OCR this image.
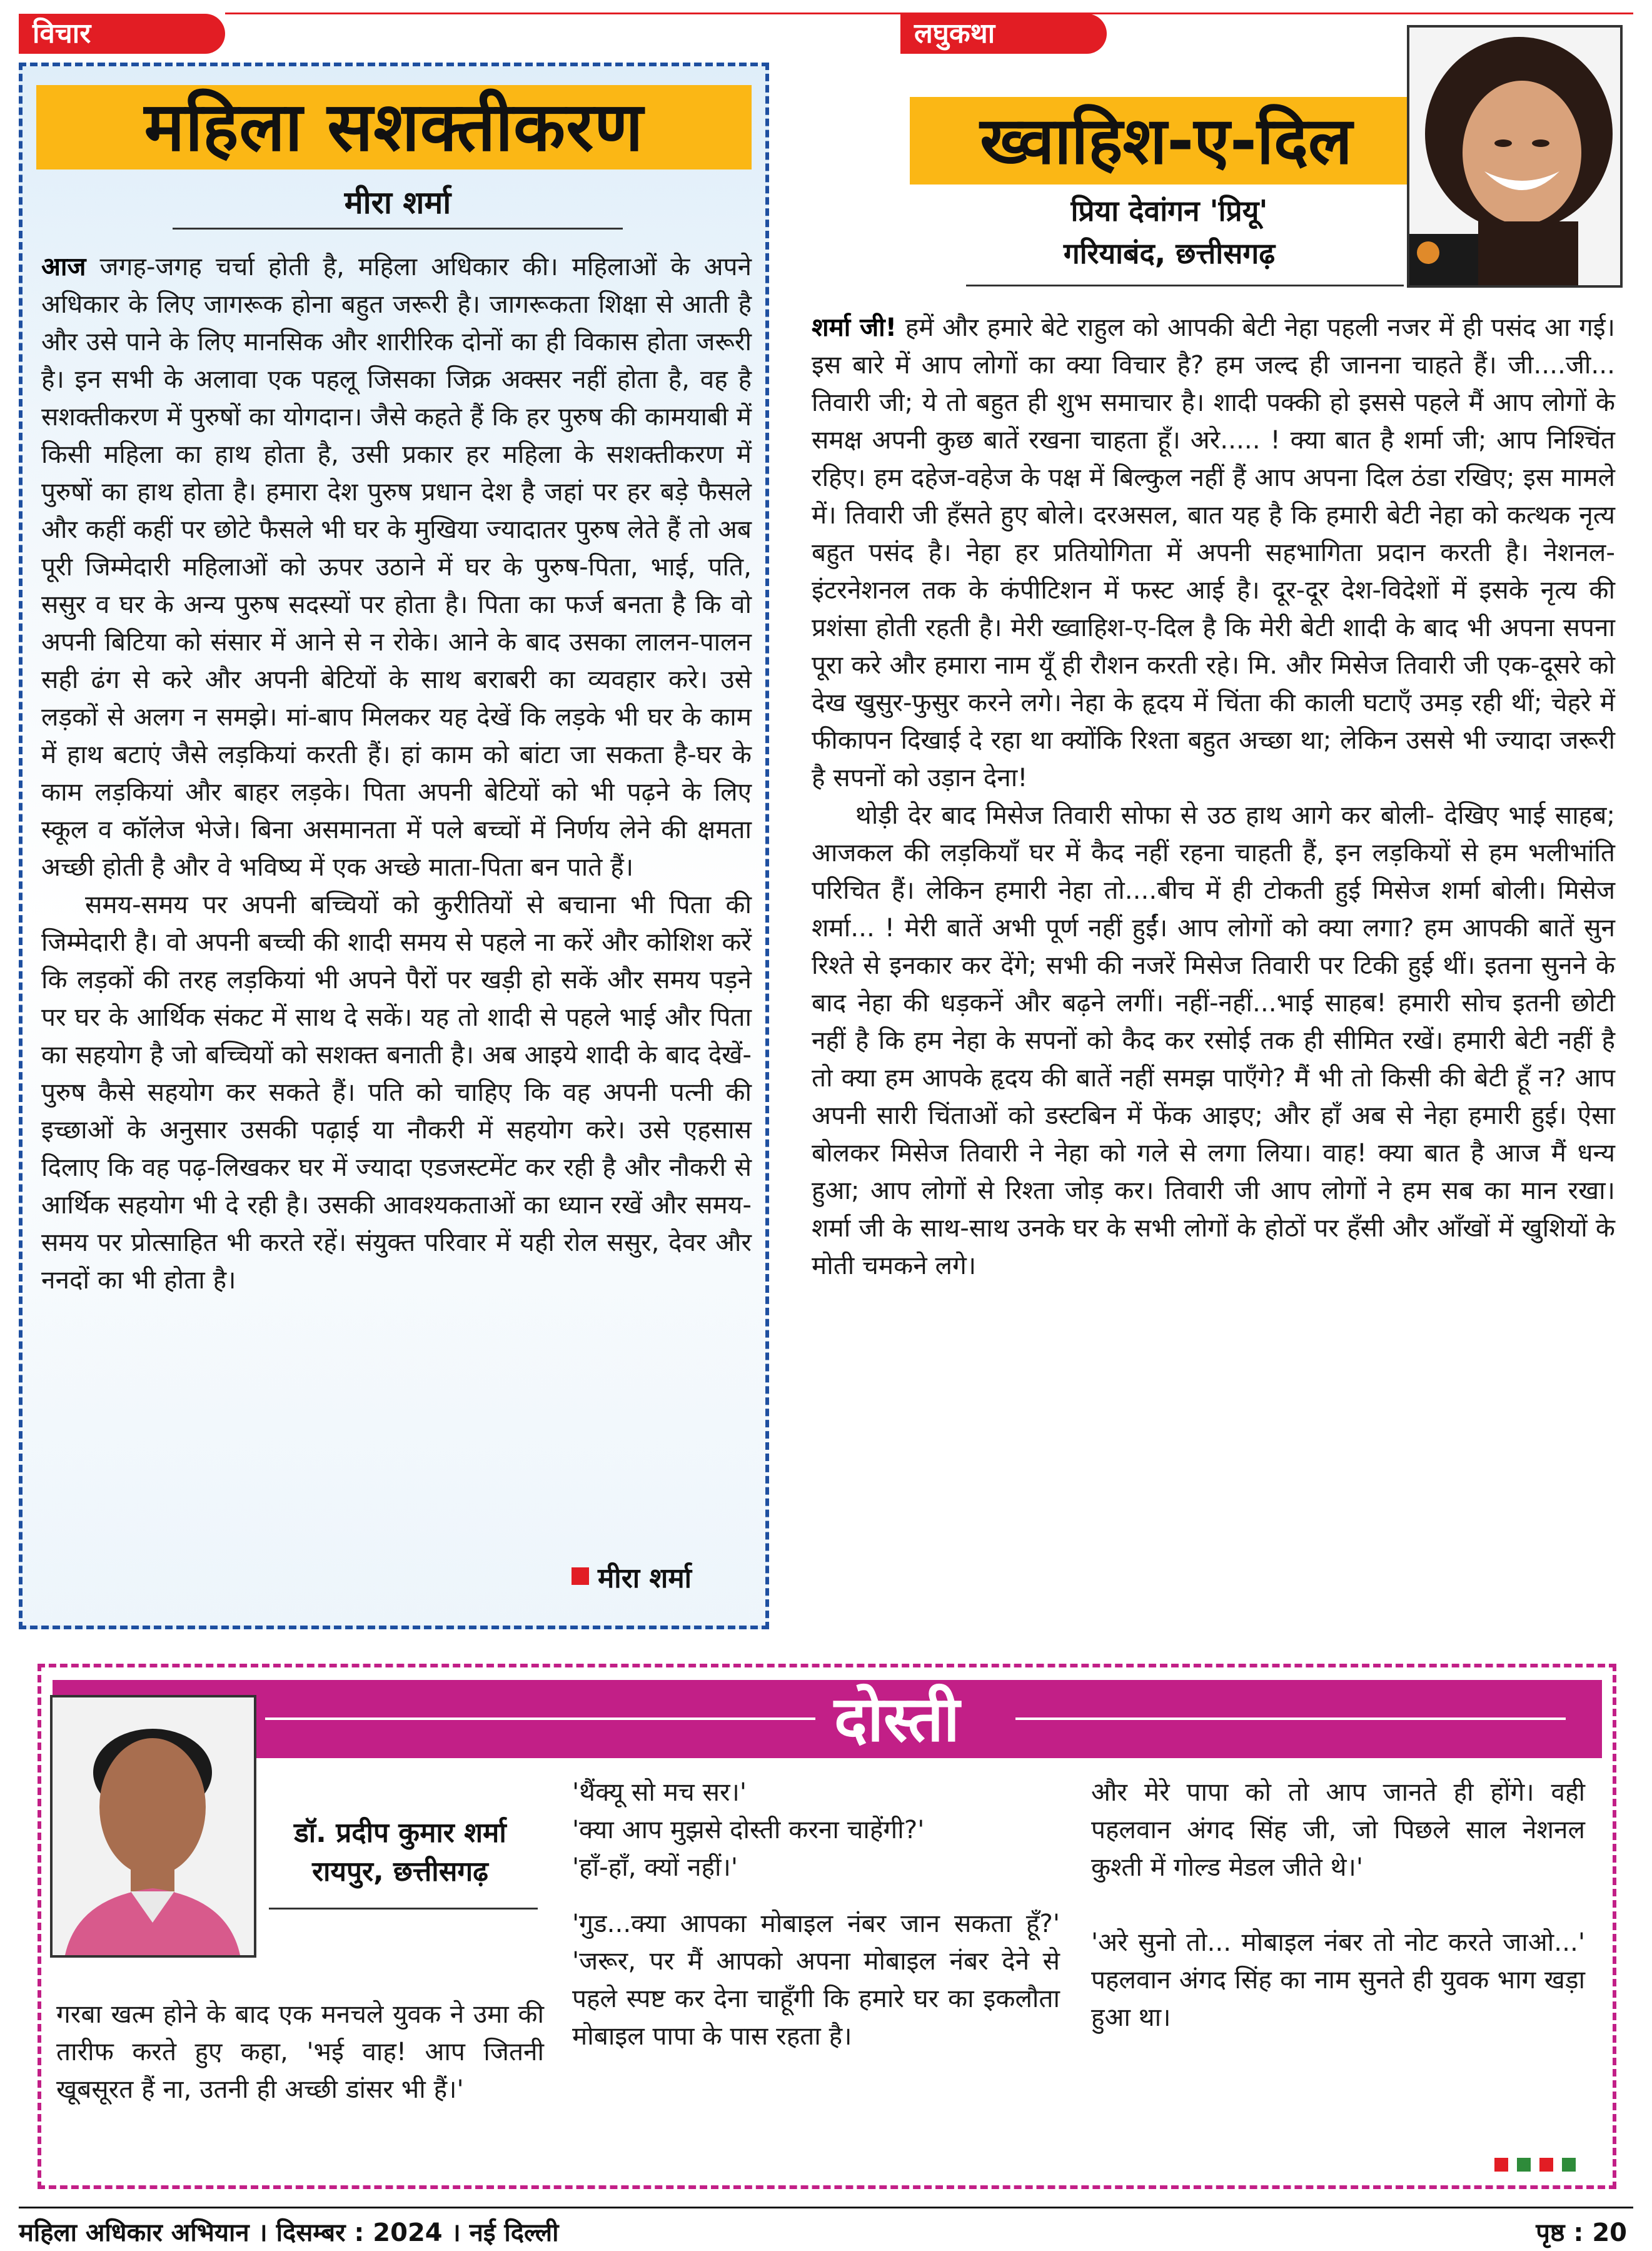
विचार	लघुकथा
महिला सशक्तीकरण
मीरा शर्मा

आज जगह-जगह चर्चा होती है, महिला अधिकार की। महिलाओं के अपने अधिकार के लिए जागरूक होना बहुत जरूरी है। जागरूकता शिक्षा से आती है और उसे पाने के लिए मानसिक और शारीरिक दोनों का ही विकास होता जरूरी है। इन सभी के अलावा एक पहलू जिसका जिक्र अक्सर नहीं होता है, वह है सशक्तीकरण में पुरुषों का योगदान। जैसे कहते हैं कि हर पुरुष की कामयाबी में किसी महिला का हाथ होता है, उसी प्रकार हर महिला के सशक्तीकरण में पुरुषों का हाथ होता है। हमारा देश पुरुष प्रधान देश है जहां पर हर बड़े फैसले और कहीं कहीं पर छोटे फैसले भी घर के मुखिया ज्यादातर पुरुष लेते हैं तो अब पूरी जिम्मेदारी महिलाओं को ऊपर उठाने में घर के पुरुष-पिता, भाई, पति, ससुर व घर के अन्य पुरुष सदस्यों पर होता है। पिता का फर्ज बनता है कि वो अपनी बिटिया को संसार में आने से न रोके। आने के बाद उसका लालन-पालन सही ढंग से करे और अपनी बेटियों के साथ बराबरी का व्यवहार करे। उसे लड़कों से अलग न समझे। मां-बाप मिलकर यह देखें कि लड़के भी घर के काम में हाथ बटाएं जैसे लड़कियां करती हैं। हां काम को बांटा जा सकता है-घर के काम लड़कियां और बाहर लड़के। पिता अपनी बेटियों को भी पढ़ने के लिए स्कूल व कॉलेज भेजे। बिना असमानता में पले बच्चों में निर्णय लेने की क्षमता अच्छी होती है और वे भविष्य में एक अच्छे माता-पिता बन पाते हैं।

समय-समय पर अपनी बच्चियों को कुरीतियों से बचाना भी पिता की जिम्मेदारी है। वो अपनी बच्ची की शादी समय से पहले ना करें और कोशिश करें कि लड़कों की तरह लड़कियां भी अपने पैरों पर खड़ी हो सकें और समय पड़ने पर घर के आर्थिक संकट में साथ दे सकें। यह तो शादी से पहले भाई और पिता का सहयोग है जो बच्चियों को सशक्त बनाती है। अब आइये शादी के बाद देखें-पुरुष कैसे सहयोग कर सकते हैं। पति को चाहिए कि वह अपनी पत्नी की इच्छाओं के अनुसार उसकी पढ़ाई या नौकरी में सहयोग करे। उसे एहसास दिलाए कि वह पढ़-लिखकर घर में ज्यादा एडजस्टमेंट कर रही है और नौकरी से आर्थिक सहयोग भी दे रही है। उसकी आवश्यकताओं का ध्यान रखें और समय-समय पर प्रोत्साहित भी करते रहें। संयुक्त परिवार में यही रोल ससुर, देवर और ननदों का भी होता है।

मीरा शर्मा
ख्वाहिश-ए-दिल
प्रिया देवांगन 'प्रियू'
गरियाबंद, छत्तीसगढ़

शर्मा जी! हमें और हमारे बेटे राहुल को आपकी बेटी नेहा पहली नजर में ही पसंद आ गई। इस बारे में आप लोगों का क्या विचार है? हम जल्द ही जानना चाहते हैं। जी....जी... तिवारी जी; ये तो बहुत ही शुभ समाचार है। शादी पक्की हो इससे पहले मैं आप लोगों के समक्ष अपनी कुछ बातें रखना चाहता हूँ। अरे..... ! क्या बात है शर्मा जी; आप निश्चिंत रहिए। हम दहेज-वहेज के पक्ष में बिल्कुल नहीं हैं आप अपना दिल ठंडा रखिए; इस मामले में। तिवारी जी हँसते हुए बोले। दरअसल, बात यह है कि हमारी बेटी नेहा को कत्थक नृत्य बहुत पसंद है। नेहा हर प्रतियोगिता में अपनी सहभागिता प्रदान करती है। नेशनल-इंटरनेशनल तक के कंपीटिशन में फस्ट आई है। दूर-दूर देश-विदेशों में इसके नृत्य की प्रशंसा होती रहती है। मेरी ख्वाहिश-ए-दिल है कि मेरी बेटी शादी के बाद भी अपना सपना पूरा करे और हमारा नाम यूँ ही रौशन करती रहे। मि. और मिसेज तिवारी जी एक-दूसरे को देख खुसुर-फुसुर करने लगे। नेहा के हृदय में चिंता की काली घटाएँ उमड़ रही थीं; चेहरे में फीकापन दिखाई दे रहा था क्योंकि रिश्ता बहुत अच्छा था; लेकिन उससे भी ज्यादा जरूरी है सपनों को उड़ान देना!

थोड़ी देर बाद मिसेज तिवारी सोफा से उठ हाथ आगे कर बोली- देखिए भाई साहब; आजकल की लड़कियाँ घर में कैद नहीं रहना चाहती हैं, इन लड़कियों से हम भलीभांति परिचित हैं। लेकिन हमारी नेहा तो....बीच में ही टोकती हुई मिसेज शर्मा बोली। मिसेज शर्मा... ! मेरी बातें अभी पूर्ण नहीं हुईं। आप लोगों को क्या लगा? हम आपकी बातें सुन रिश्ते से इनकार कर देंगे; सभी की नजरें मिसेज तिवारी पर टिकी हुई थीं। इतना सुनने के बाद नेहा की धड़कनें और बढ़ने लगीं। नहीं-नहीं...भाई साहब! हमारी सोच इतनी छोटी नहीं है कि हम नेहा के सपनों को कैद कर रसोई तक ही सीमित रखें। हमारी बेटी नहीं है तो क्या हम आपके हृदय की बातें नहीं समझ पाएँगे? मैं भी तो किसी की बेटी हूँ न? आप अपनी सारी चिंताओं को डस्टबिन में फेंक आइए; और हाँ अब से नेहा हमारी हुई। ऐसा बोलकर मिसेज तिवारी ने नेहा को गले से लगा लिया। वाह! क्या बात है आज मैं धन्य हुआ; आप लोगों से रिश्ता जोड़ कर। तिवारी जी आप लोगों ने हम सब का मान रखा। शर्मा जी के साथ-साथ उनके घर के सभी लोगों के होठों पर हँसी और आँखों में खुशियों के मोती चमकने लगे।

दोस्ती
डॉ. प्रदीप कुमार शर्मा
रायपुर, छत्तीसगढ़

गरबा खत्म होने के बाद एक मनचले युवक ने उमा की तारीफ करते हुए कहा, 'भई वाह! आप जितनी खूबसूरत हैं ना, उतनी ही अच्छी डांसर भी हैं।'

'थैंक्यू सो मच सर।'
'क्या आप मुझसे दोस्ती करना चाहेंगी?'
'हाँ-हाँ, क्यों नहीं।'
'गुड...क्या आपका मोबाइल नंबर जान सकता हूँ?' 'जरूर, पर मैं आपको अपना मोबाइल नंबर देने से पहले स्पष्ट कर देना चाहूँगी कि हमारे घर का इकलौता मोबाइल पापा के पास रहता है।
और मेरे पापा को तो आप जानते ही होंगे। वही पहलवान अंगद सिंह जी, जो पिछले साल नेशनल कुश्ती में गोल्ड मेडल जीते थे।'
'अरे सुनो तो... मोबाइल नंबर तो नोट करते जाओ...' पहलवान अंगद सिंह का नाम सुनते ही युवक भाग खड़ा हुआ था।
महिला अधिकार अभियान । दिसम्बर : 2024 । नई दिल्ली	पृष्ठ : 20
